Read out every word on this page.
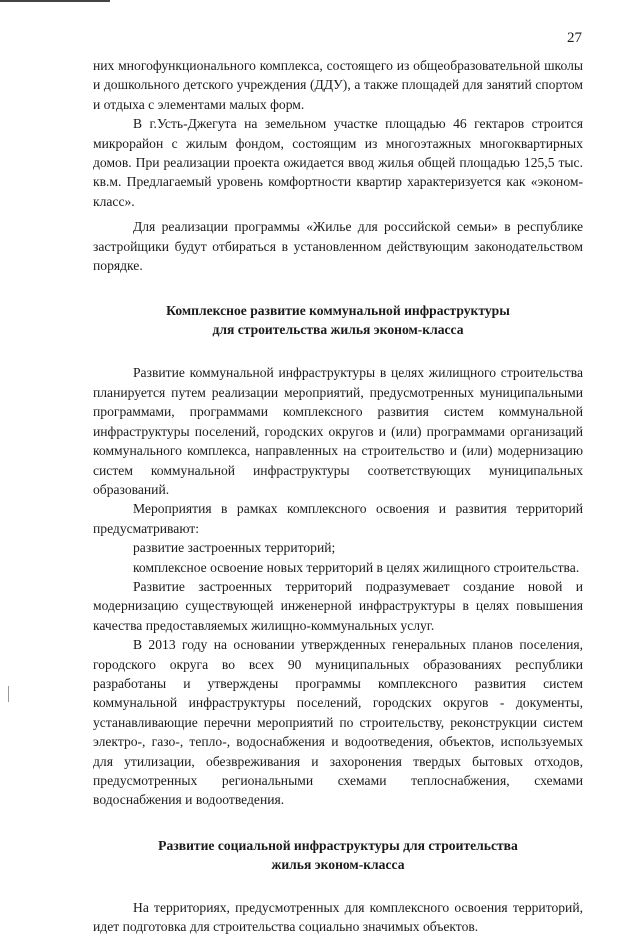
27

них многофункционального комплекса, состоящего из общеобразовательной школы и дошкольного детского учреждения (ДДУ), а также площадей для занятий спортом и отдыха с элементами малых форм.

В г.Усть-Джегута на земельном участке площадью 46 гектаров строится микрорайон с жилым фондом, состоящим из многоэтажных многоквартирных домов. При реализации проекта ожидается ввод жилья общей площадью 125,5 тыс. кв.м. Предлагаемый уровень комфортности квартир характеризуется как «эконом-класс».

Для реализации программы «Жилье для российской семьи» в республике застройщики будут отбираться в установленном действующим законодательством порядке.

Комплексное развитие коммунальной инфраструктуры
для строительства жилья эконом-класса

Развитие коммунальной инфраструктуры в целях жилищного строительства планируется путем реализации мероприятий, предусмотренных муниципальными программами, программами комплексного развития систем коммунальной инфраструктуры поселений, городских округов и (или) программами организаций коммунального комплекса, направленных на строительство и (или) модернизацию систем коммунальной инфраструктуры соответствующих муниципальных образований.

Мероприятия в рамках комплексного освоения и развития территорий предусматривают:

развитие застроенных территорий;

комплексное освоение новых территорий в целях жилищного строительства.

Развитие застроенных территорий подразумевает создание новой и модернизацию существующей инженерной инфраструктуры в целях повышения качества предоставляемых жилищно-коммунальных услуг.

В 2013 году на основании утвержденных генеральных планов поселения, городского округа во всех 90 муниципальных образованиях республики разработаны и утверждены программы комплексного развития систем коммунальной инфраструктуры поселений, городских округов - документы, устанавливающие перечни мероприятий по строительству, реконструкции систем электро-, газо-, тепло-, водоснабжения и водоотведения, объектов, используемых для утилизации, обезвреживания и захоронения твердых бытовых отходов, предусмотренных региональными схемами теплоснабжения, схемами водоснабжения и водоотведения.

Развитие социальной инфраструктуры для строительства
жилья эконом-класса

На территориях, предусмотренных для комплексного освоения территорий, идет подготовка для строительства социально значимых объектов.
